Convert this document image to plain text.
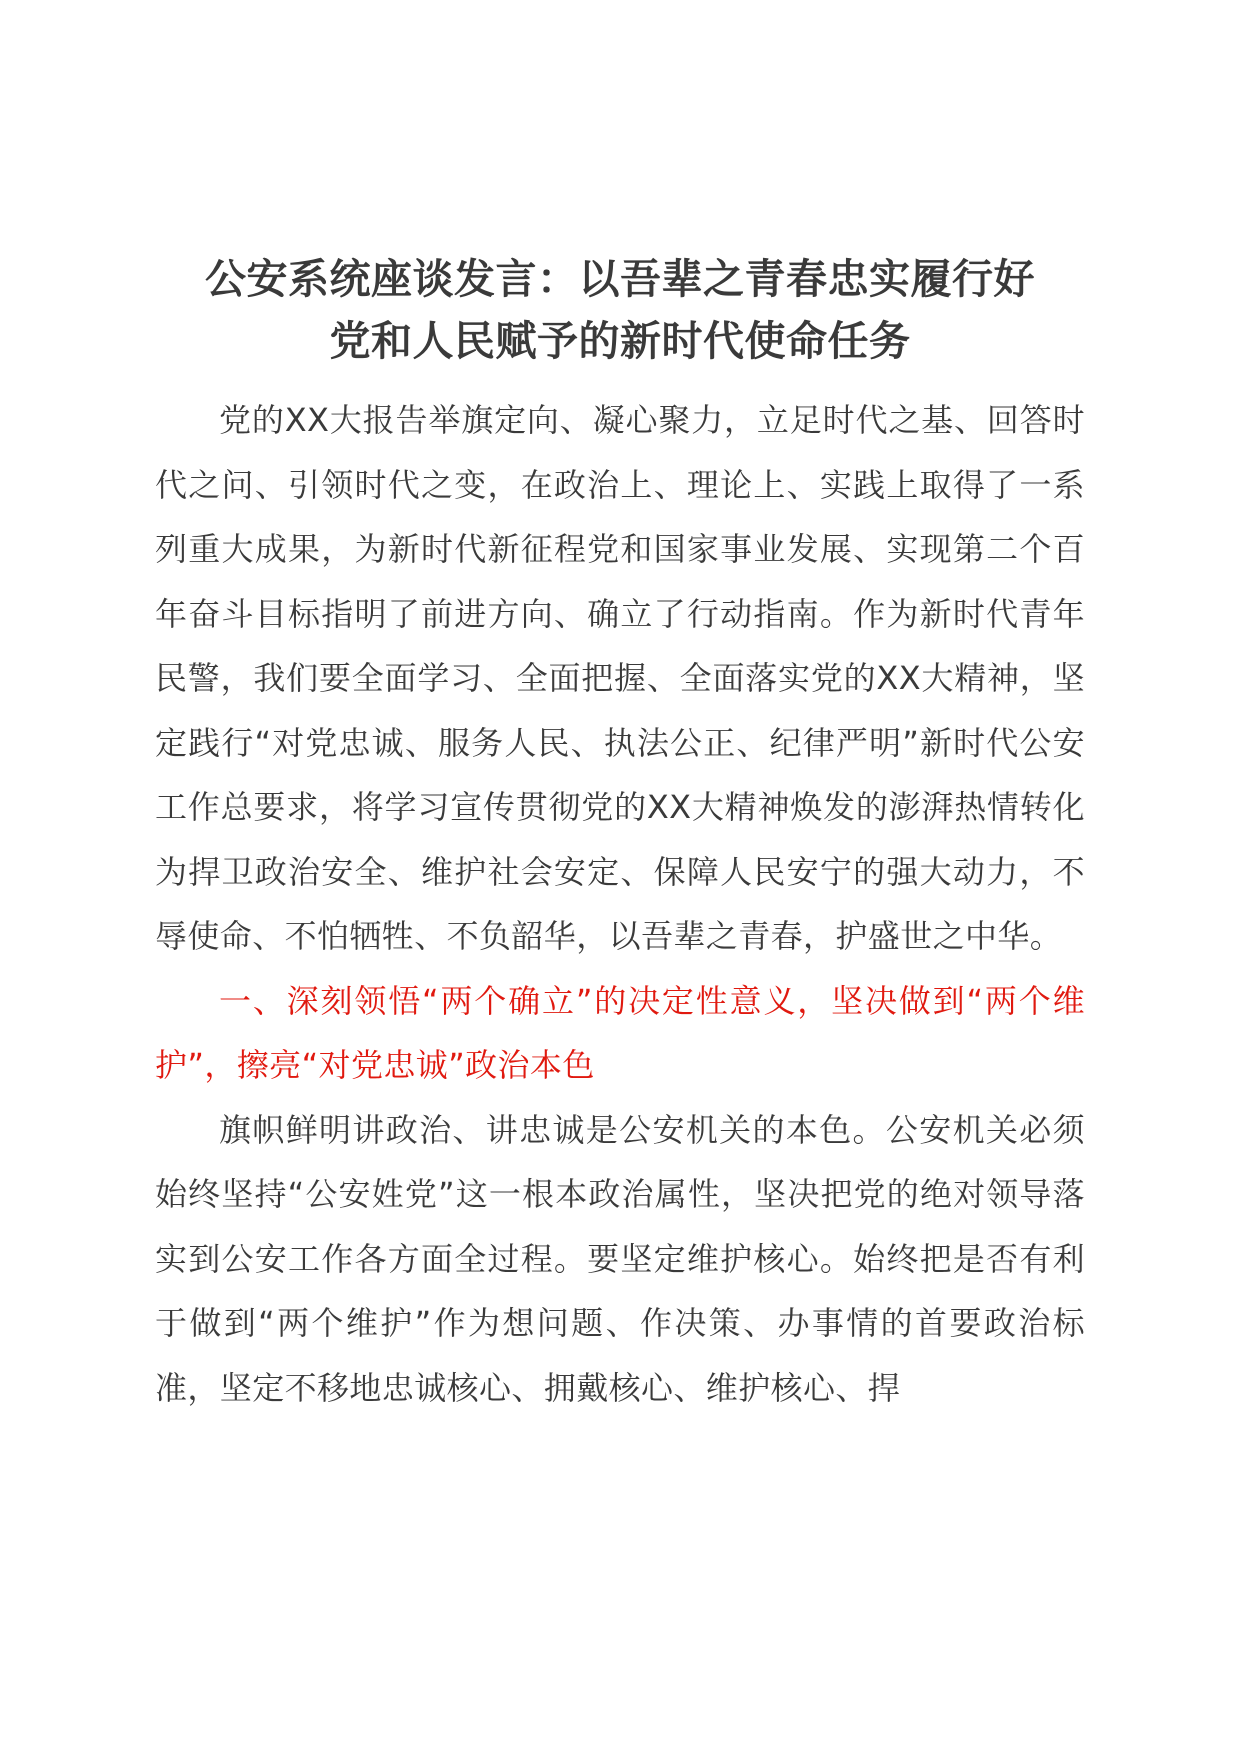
公安系统座谈发言：以吾辈之青春忠实履行好
党和人民赋予的新时代使命任务

党的XX大报告举旗定向、凝心聚力，立足时代之基、回答时代之问、引领时代之变，在政治上、理论上、实践上取得了一系列重大成果，为新时代新征程党和国家事业发展、实现第二个百年奋斗目标指明了前进方向、确立了行动指南。作为新时代青年民警，我们要全面学习、全面把握、全面落实党的XX大精神，坚定践行“对党忠诚、服务人民、执法公正、纪律严明”新时代公安工作总要求，将学习宣传贯彻党的XX大精神焕发的澎湃热情转化为捍卫政治安全、维护社会安定、保障人民安宁的强大动力，不辱使命、不怕牺牲、不负韶华，以吾辈之青春，护盛世之中华。

一、深刻领悟“两个确立”的决定性意义，坚决做到“两个维护”，擦亮“对党忠诚”政治本色

旗帜鲜明讲政治、讲忠诚是公安机关的本色。公安机关必须始终坚持“公安姓党”这一根本政治属性，坚决把党的绝对领导落实到公安工作各方面全过程。要坚定维护核心。始终把是否有利于做到“两个维护”作为想问题、作决策、办事情的首要政治标准，坚定不移地忠诚核心、拥戴核心、维护核心、捍
